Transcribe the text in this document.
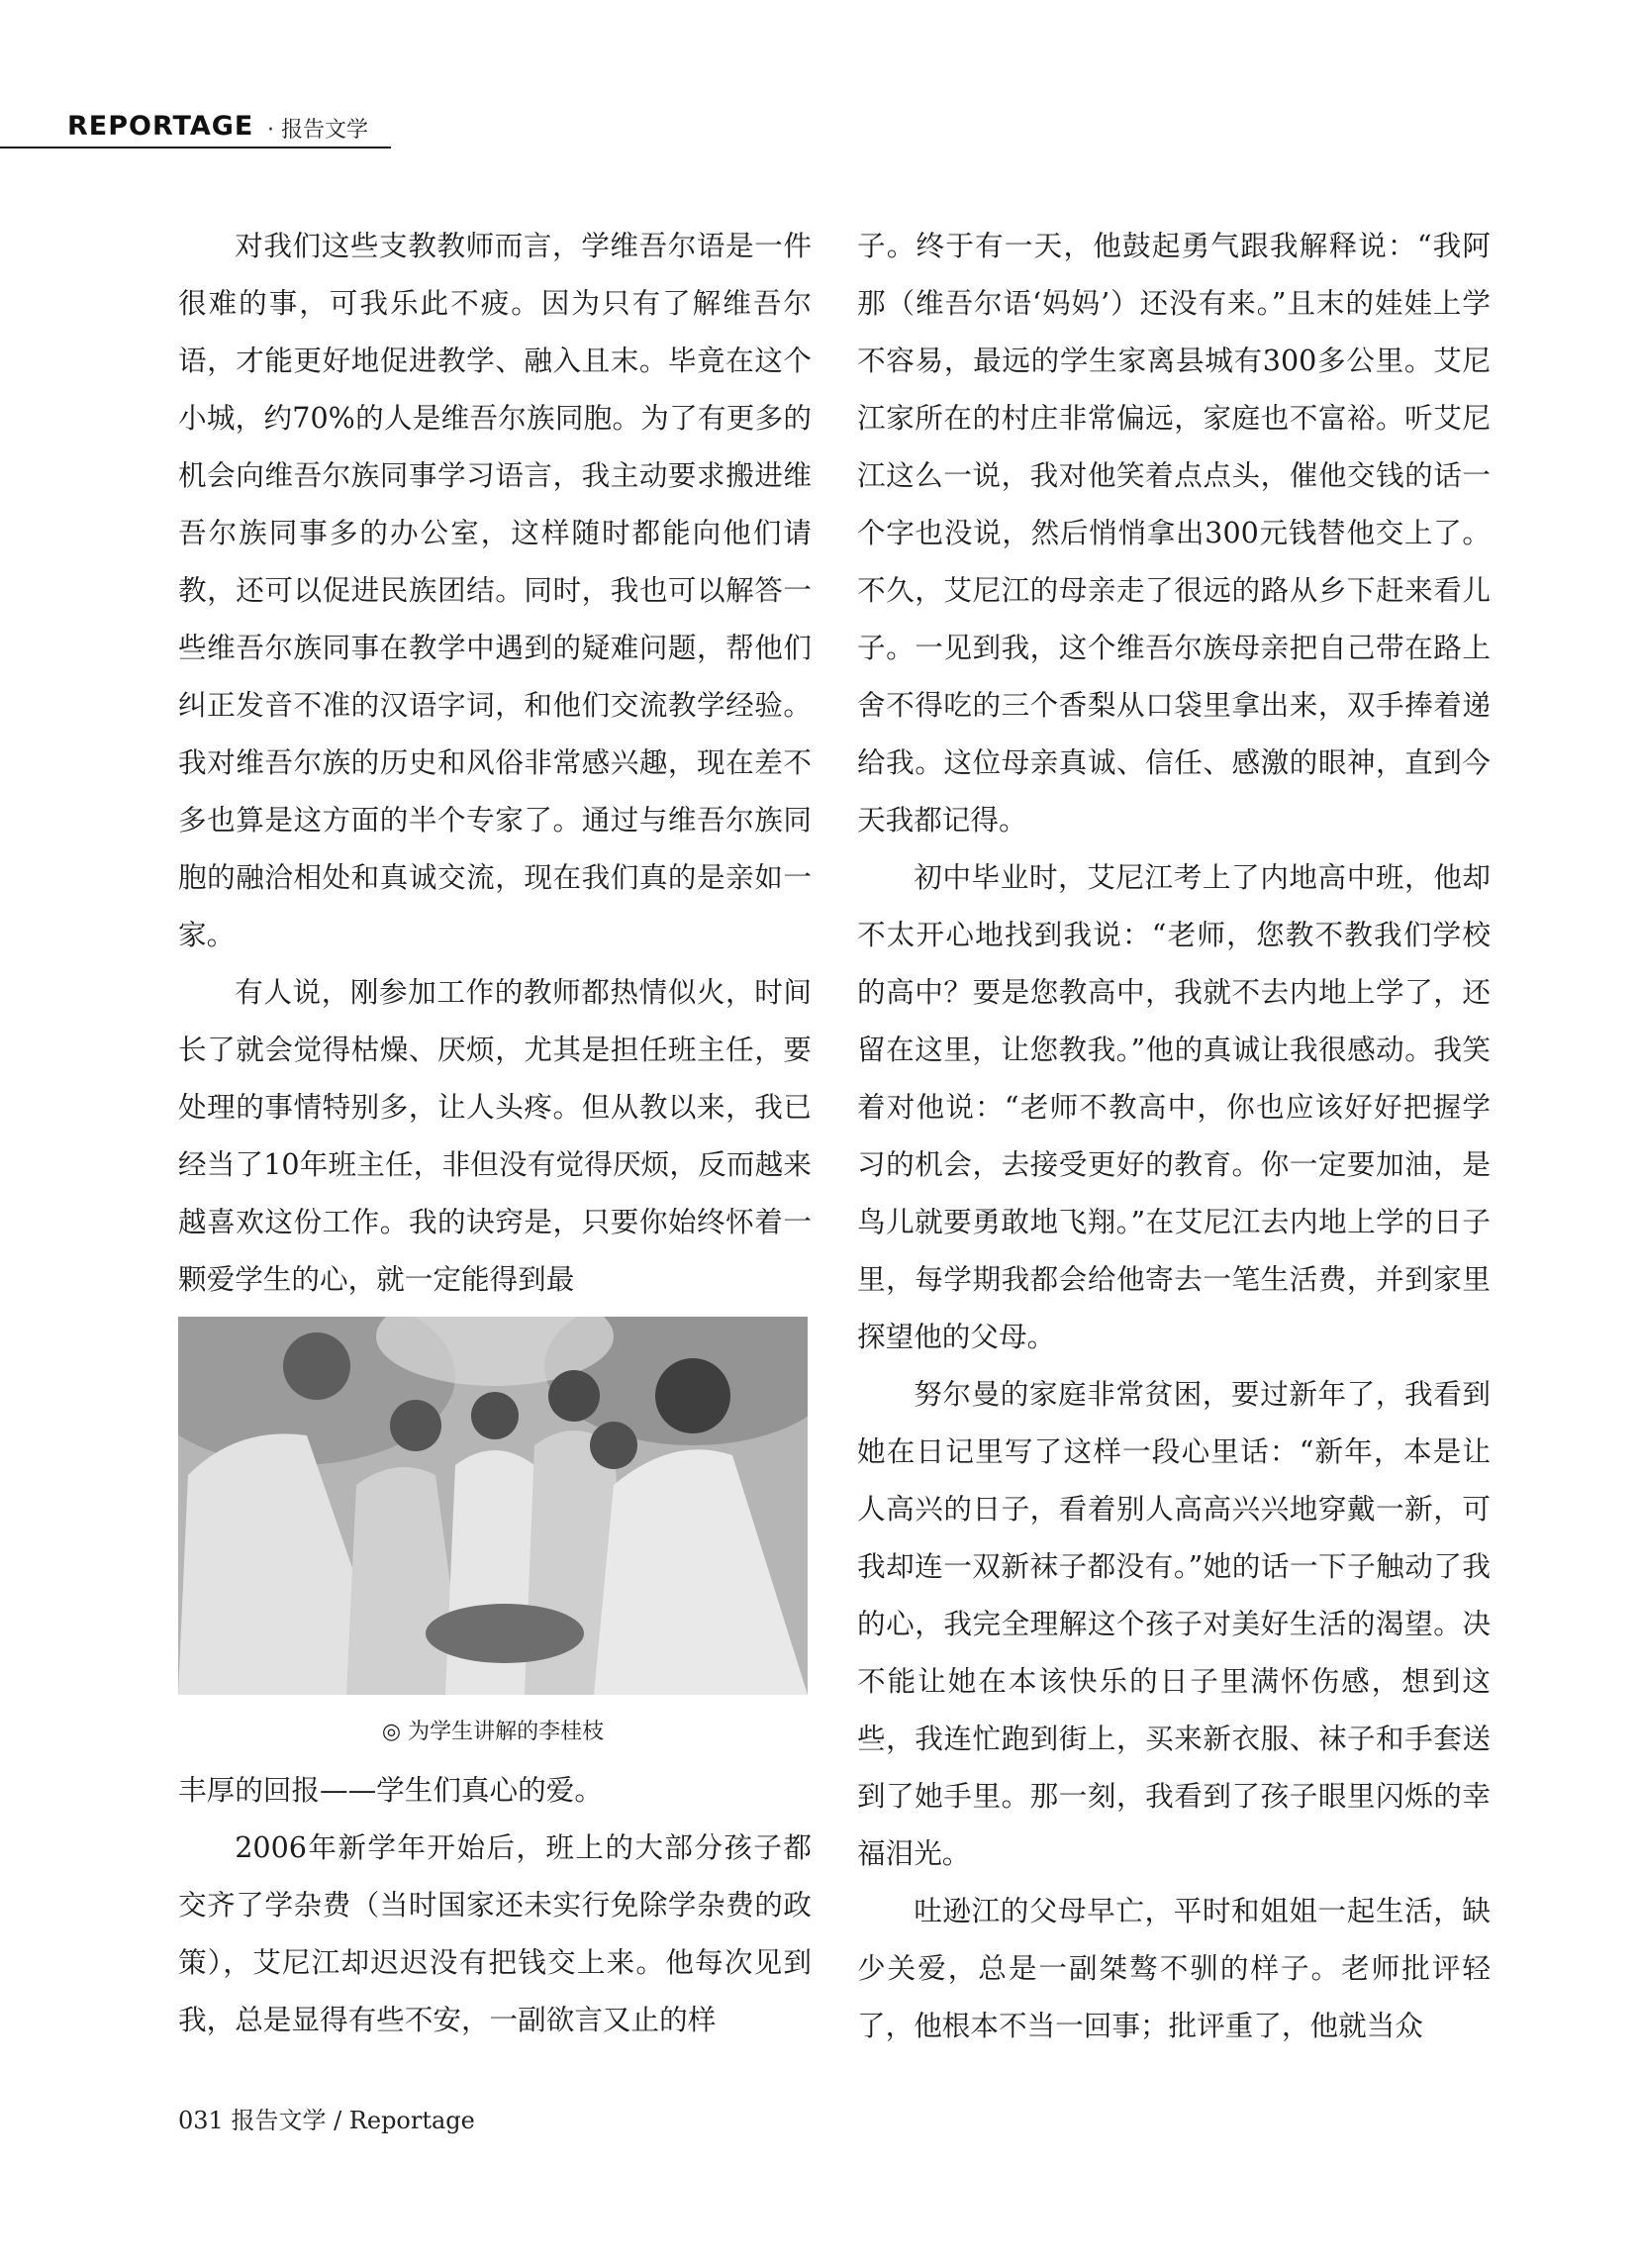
REPORTAGE · 报告文学

对我们这些支教教师而言，学维吾尔语是一件很难的事，可我乐此不疲。因为只有了解维吾尔语，才能更好地促进教学、融入且末。毕竟在这个小城，约70%的人是维吾尔族同胞。为了有更多的机会向维吾尔族同事学习语言，我主动要求搬进维吾尔族同事多的办公室，这样随时都能向他们请教，还可以促进民族团结。同时，我也可以解答一些维吾尔族同事在教学中遇到的疑难问题，帮他们纠正发音不准的汉语字词，和他们交流教学经验。我对维吾尔族的历史和风俗非常感兴趣，现在差不多也算是这方面的半个专家了。通过与维吾尔族同胞的融洽相处和真诚交流，现在我们真的是亲如一家。

有人说，刚参加工作的教师都热情似火，时间长了就会觉得枯燥、厌烦，尤其是担任班主任，要处理的事情特别多，让人头疼。但从教以来，我已经当了10年班主任，非但没有觉得厌烦，反而越来越喜欢这份工作。我的诀窍是，只要你始终怀着一颗爱学生的心，就一定能得到最

◎ 为学生讲解的李桂枝

丰厚的回报——学生们真心的爱。

2006年新学年开始后，班上的大部分孩子都交齐了学杂费（当时国家还未实行免除学杂费的政策），艾尼江却迟迟没有把钱交上来。他每次见到我，总是显得有些不安，一副欲言又止的样

子。终于有一天，他鼓起勇气跟我解释说：“我阿那（维吾尔语‘妈妈’）还没有来。”且末的娃娃上学不容易，最远的学生家离县城有300多公里。艾尼江家所在的村庄非常偏远，家庭也不富裕。听艾尼江这么一说，我对他笑着点点头，催他交钱的话一个字也没说，然后悄悄拿出300元钱替他交上了。不久，艾尼江的母亲走了很远的路从乡下赶来看儿子。一见到我，这个维吾尔族母亲把自己带在路上舍不得吃的三个香梨从口袋里拿出来，双手捧着递给我。这位母亲真诚、信任、感激的眼神，直到今天我都记得。

初中毕业时，艾尼江考上了内地高中班，他却不太开心地找到我说：“老师，您教不教我们学校的高中？要是您教高中，我就不去内地上学了，还留在这里，让您教我。”他的真诚让我很感动。我笑着对他说：“老师不教高中，你也应该好好把握学习的机会，去接受更好的教育。你一定要加油，是鸟儿就要勇敢地飞翔。”在艾尼江去内地上学的日子里，每学期我都会给他寄去一笔生活费，并到家里探望他的父母。

努尔曼的家庭非常贫困，要过新年了，我看到她在日记里写了这样一段心里话：“新年，本是让人高兴的日子，看着别人高高兴兴地穿戴一新，可我却连一双新袜子都没有。”她的话一下子触动了我的心，我完全理解这个孩子对美好生活的渴望。决不能让她在本该快乐的日子里满怀伤感，想到这些，我连忙跑到街上，买来新衣服、袜子和手套送到了她手里。那一刻，我看到了孩子眼里闪烁的幸福泪光。

吐逊江的父母早亡，平时和姐姐一起生活，缺少关爱，总是一副桀骜不驯的样子。老师批评轻了，他根本不当一回事；批评重了，他就当众

031 报告文学 / Reportage
